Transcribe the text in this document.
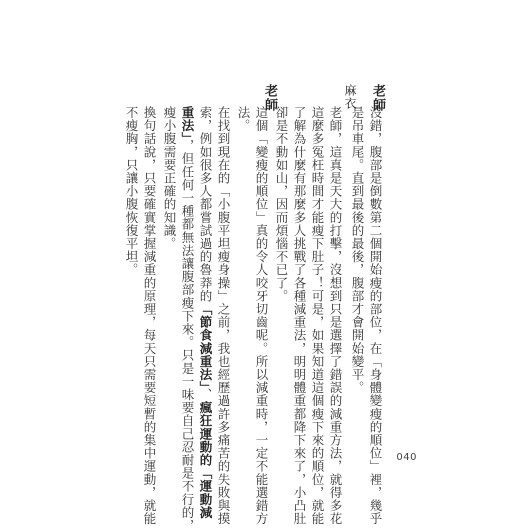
老師
麻衣
老師
沒錯，腹部是倒數第二個開始瘦的部位，在「身體變瘦的順位」裡，幾乎
是吊車尾。直到最後的最後，腹部才會開始變平。
老師，這真是天大的打擊，沒想到只是選擇了錯誤的減重方法，就得多花
這麼多冤枉時間才能瘦下肚子！可是，如果知道這個瘦下來的順位，就能
了解為什麼有那麼多人挑戰了各種減重法，明明體重都降下來了，小凸肚
卻是不動如山，因而煩惱不已了。
這個「變瘦的順位」真的令人咬牙切齒呢。所以減重時，一定不能選錯方
法。
在找到現在的「小腹平坦瘦身操」之前，我也經歷過許多痛苦的失敗與摸
索，例如很多人都嘗試過的魯莽的「節食減重法」、瘋狂運動的「運動減
重法」，但任何一種都無法讓腹部瘦下來。只是一味要自己忍耐是不行的，
瘦小腹需要正確的知識。
換句話說，只要確實掌握減重的原理，每天只需要短暫的集中運動，就能
不瘦胸，只讓小腹恢復平坦。
040
